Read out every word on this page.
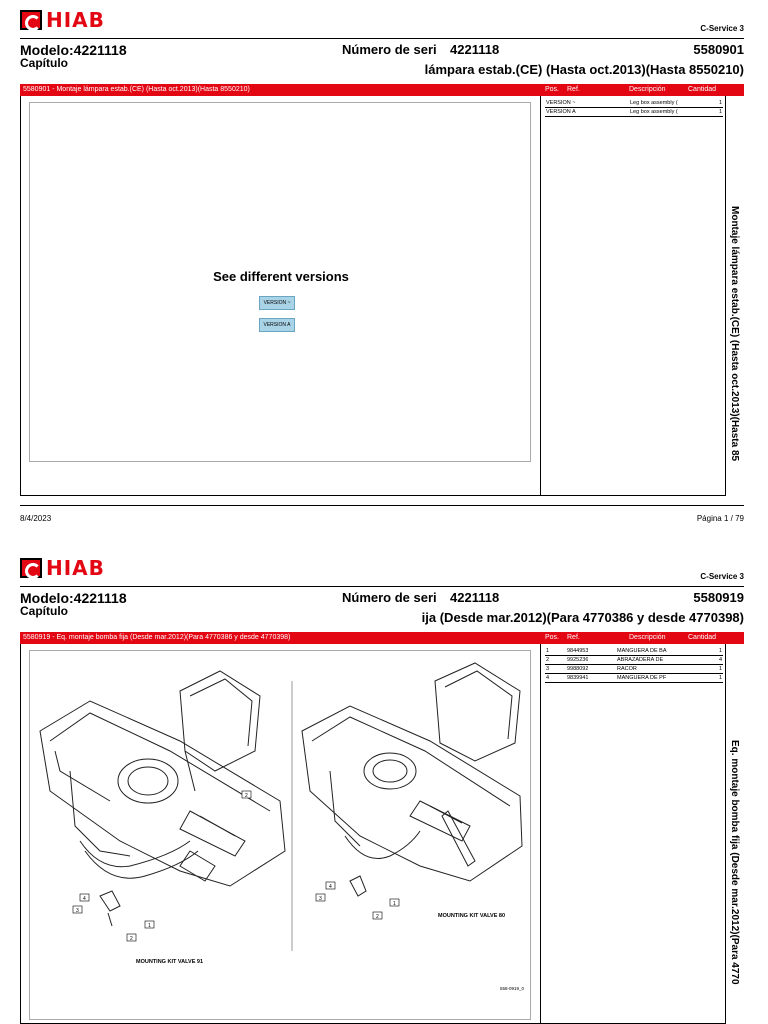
HIAB	C-Service 3
Modelo:4221118
Capítulo
Número de seri 4221118	5580901
lámpara estab.(CE) (Hasta oct.2013)(Hasta 8550210)
5580901 - Montaje lámpara estab.(CE) (Hasta oct.2013)(Hasta 8550210)	Pos. Ref.	Descripción	Cantidad
See different versions
VERSION ~
VERSION A
VERSION ~	Leg box assembly (	1
VERSION A	Leg box assembly (	1
Montaje lámpara estab.(CE) (Hasta oct.2013)(Hasta 85
8/4/2023	Página 1 / 79
HIAB	C-Service 3
Modelo:4221118
Capítulo
Número de seri 4221118	5580919
ija (Desde mar.2012)(Para 4770386 y desde 4770398)
5580919 - Eq. montaje bomba fija (Desde mar.2012)(Para 4770386 y desde 4770398)	Pos. Ref.	Descripción	Cantidad
2
1
2
3
4
1
2
3
4
MOUNTING KIT VALVE 91
MOUNTING KIT VALVE 80
558-0919_0
1	9844953	MANGUERA DE BA	1
2	9925236	ABRAZADERA DE	4
3	9988092	RACOR	1
4	9839941	MANGUERA DE PF	1
Eq. montaje bomba fija (Desde mar.2012)(Para 4770
